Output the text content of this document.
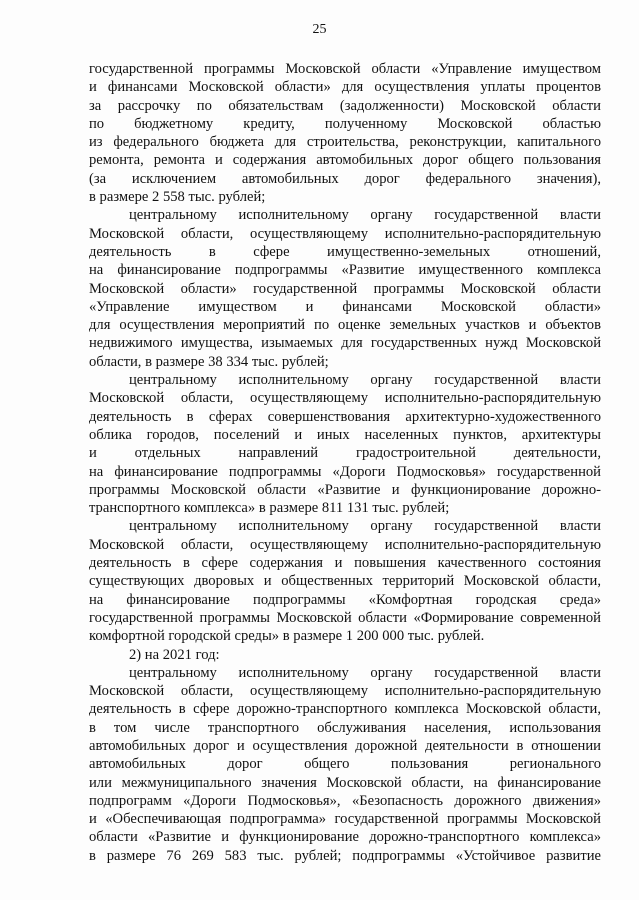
25
государственной программы Московской области «Управление имуществом
и финансами Московской области» для осуществления уплаты процентов
за рассрочку по обязательствам (задолженности) Московской области
по бюджетному кредиту, полученному Московской областью
из федерального бюджета для строительства, реконструкции, капитального
ремонта, ремонта и содержания автомобильных дорог общего пользования
(за исключением автомобильных дорог федерального значения),
в размере 2 558 тыс. рублей;
центральному исполнительному органу государственной власти
Московской области, осуществляющему исполнительно-распорядительную
деятельность в сфере имущественно-земельных отношений,
на финансирование подпрограммы «Развитие имущественного комплекса
Московской области» государственной программы Московской области
«Управление имуществом и финансами Московской области»
для осуществления мероприятий по оценке земельных участков и объектов
недвижимого имущества, изымаемых для государственных нужд Московской
области, в размере 38 334 тыс. рублей;
центральному исполнительному органу государственной власти
Московской области, осуществляющему исполнительно-распорядительную
деятельность в сферах совершенствования архитектурно-художественного
облика городов, поселений и иных населенных пунктов, архитектуры
и отдельных направлений градостроительной деятельности,
на финансирование подпрограммы «Дороги Подмосковья» государственной
программы Московской области «Развитие и функционирование дорожно-
транспортного комплекса» в размере 811 131 тыс. рублей;
центральному исполнительному органу государственной власти
Московской области, осуществляющему исполнительно-распорядительную
деятельность в сфере содержания и повышения качественного состояния
существующих дворовых и общественных территорий Московской области,
на финансирование подпрограммы «Комфортная городская среда»
государственной программы Московской области «Формирование современной
комфортной городской среды» в размере 1 200 000 тыс. рублей.
2) на 2021 год:
центральному исполнительному органу государственной власти
Московской области, осуществляющему исполнительно-распорядительную
деятельность в сфере дорожно-транспортного комплекса Московской области,
в том числе транспортного обслуживания населения, использования
автомобильных дорог и осуществления дорожной деятельности в отношении
автомобильных дорог общего пользования регионального
или межмуниципального значения Московской области, на финансирование
подпрограмм «Дороги Подмосковья», «Безопасность дорожного движения»
и «Обеспечивающая подпрограмма» государственной программы Московской
области «Развитие и функционирование дорожно-транспортного комплекса»
в размере 76 269 583 тыс. рублей; подпрограммы «Устойчивое развитие
